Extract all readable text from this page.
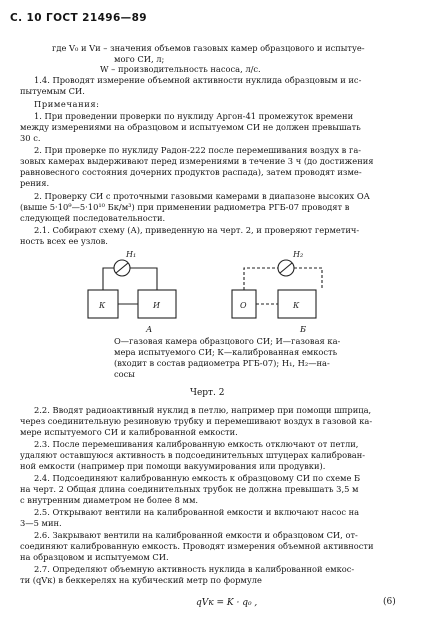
С. 10 ГОСТ 21496—89
где V₀ и Vи – значения объемов газовых камер образцового и испытуе-
мого СИ, л;
W – производительность насоса, л/с.
1.4. Проводят измерение объемной активности нуклида образцовым и ис-
пытуемым СИ.
Примечания:
1. При проведении проверки по нуклиду Аргон-41 промежуток времени
между измерениями на образцовом и испытуемом СИ не должен превышать
30 с.
2. При проверке по нуклиду Радон-222 после перемешивания воздух в га-
зовых камерах выдерживают перед измерениями в течение 3 ч (до достижения
равновесного состояния дочерних продуктов распада), затем проводят изме-
рения.
2. Проверку СИ с проточными газовыми камерами в диапазоне высоких ОА
(выше 5·10⁹—5·10¹⁰ Бк/м³) при применении радиометра РГБ-07 проводят в
следующей последовательности.
2.1. Собирают схему (А), приведенную на черт. 2, и проверяют герметич-
ность всех ее узлов.
H₁	H₂
К	И	О	К
А	Б
О—газовая камера образцового СИ; И—газовая ка-
мера испытуемого СИ; К—калиброванная емкость
(входит в состав радиометра РГБ-07); H₁, H₂—на-
сосы
Черт. 2
2.2. Вводят радиоактивный нуклид в петлю, например при помощи шприца,
через соединительную резиновую трубку и перемешивают воздух в газовой ка-
мере испытуемого СИ и калиброванной емкости.
2.3. После перемешивания калиброванную емкость отключают от петли,
удаляют оставшуюся активность в подсоединительных штуцерах калиброван-
ной емкости (например при помощи вакуумирования или продувки).
2.4. Подсоединяют калиброванную емкость к образцовому СИ по схеме Б
на черт. 2 Общая длина соединительных трубок не должна превышать 3,5 м
с внутренним диаметром не более 8 мм.
2.5. Открывают вентили на калиброванной емкости и включают насос на
3—5 мин.
2.6. Закрывают вентили на калиброванной емкости и образцовом СИ, от-
соединяют калиброванную емкость. Проводят измерения объемной активности
на образцовом и испытуемом СИ.
2.7. Определяют объемную активность нуклида в калиброванной емкос-
ти (qVк) в беккерелях на кубический метр по формуле
qVк = K · q₀ ,	(6)
